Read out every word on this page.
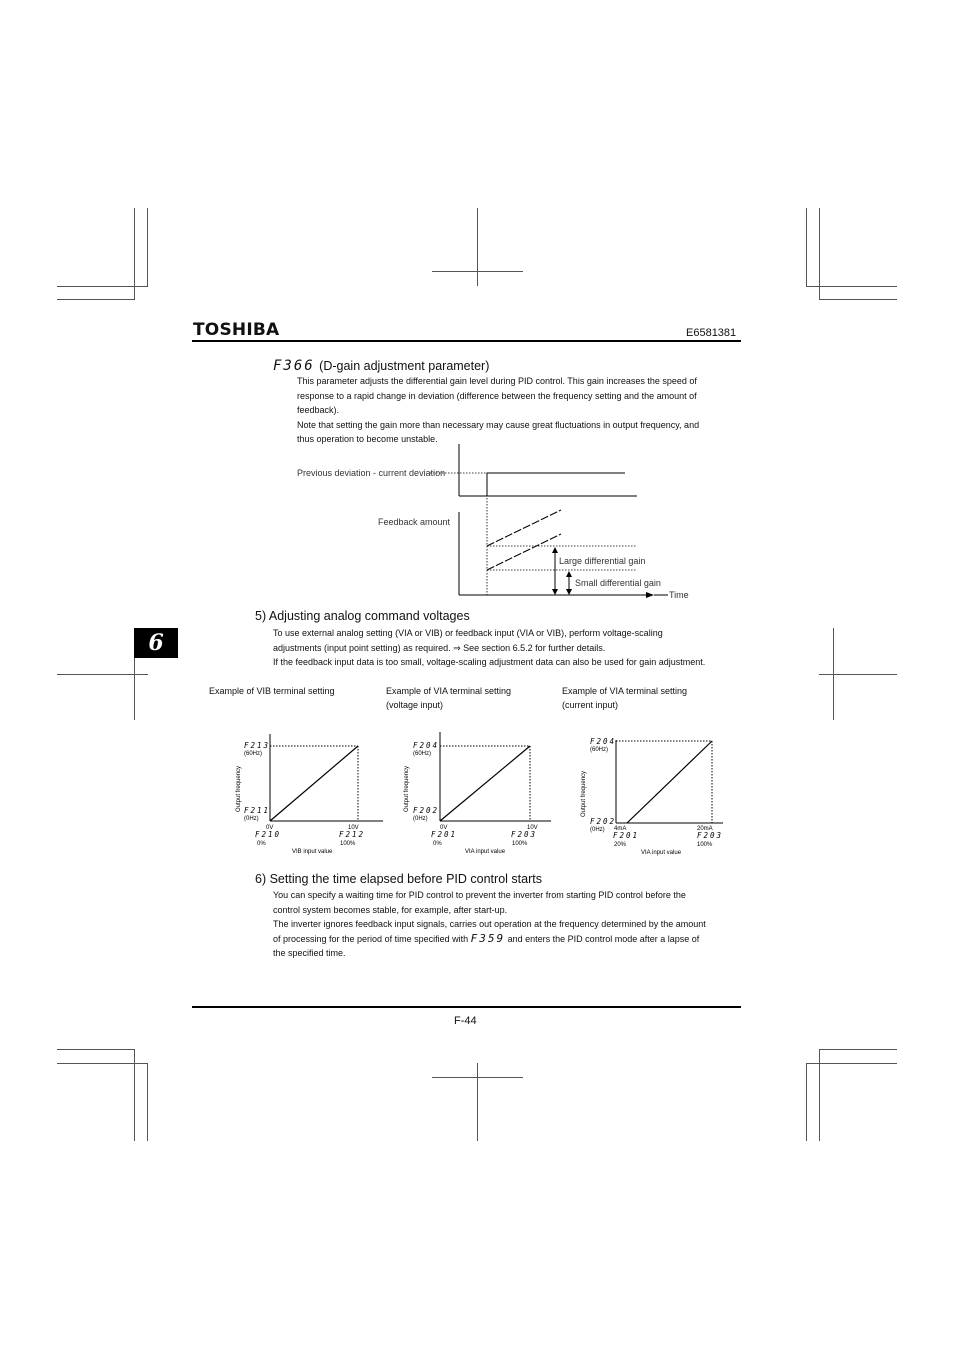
TOSHIBA	E6581381
6
F366 (D-gain adjustment parameter)
This parameter adjusts the differential gain level during PID control. This gain increases the speed of
response to a rapid change in deviation (difference between the frequency setting and the amount of
feedback).
Note that setting the gain more than necessary may cause great fluctuations in output frequency, and
thus operation to become unstable.
Previous deviation - current deviation
Feedback amount
Large differential gain
Small differential gain
Time
5) Adjusting analog command voltages
To use external analog setting (VIA or VIB) or feedback input (VIA or VIB), perform voltage-scaling
adjustments (input point setting) as required. ⇒ See section 6.5.2 for further details.
If the feedback input data is too small, voltage-scaling adjustment data can also be used for gain adjustment.
Example of VIB terminal setting	Example of VIA terminal setting
(voltage input)
Example of VIA terminal setting
(current input)
F213
(60Hz)
F211
(0Hz)
Output frequency
0V
F210
0%
10V
F212
100%
VIB input value
F204
(60Hz)
F202
(0Hz)
Output frequency
0V
F201
0%
10V
F203
100%
VIA input value
F204
(60Hz)
F202
(0Hz)
Output frequency
4mA
F201
20%
20mA
F203
100%
VIA input value
6) Setting the time elapsed before PID control starts
You can specify a waiting time for PID control to prevent the inverter from starting PID control before the
control system becomes stable, for example, after start-up.
The inverter ignores feedback input signals, carries out operation at the frequency determined by the amount
of processing for the period of time specified with F359 and enters the PID control mode after a lapse of
the specified time.
F-44
